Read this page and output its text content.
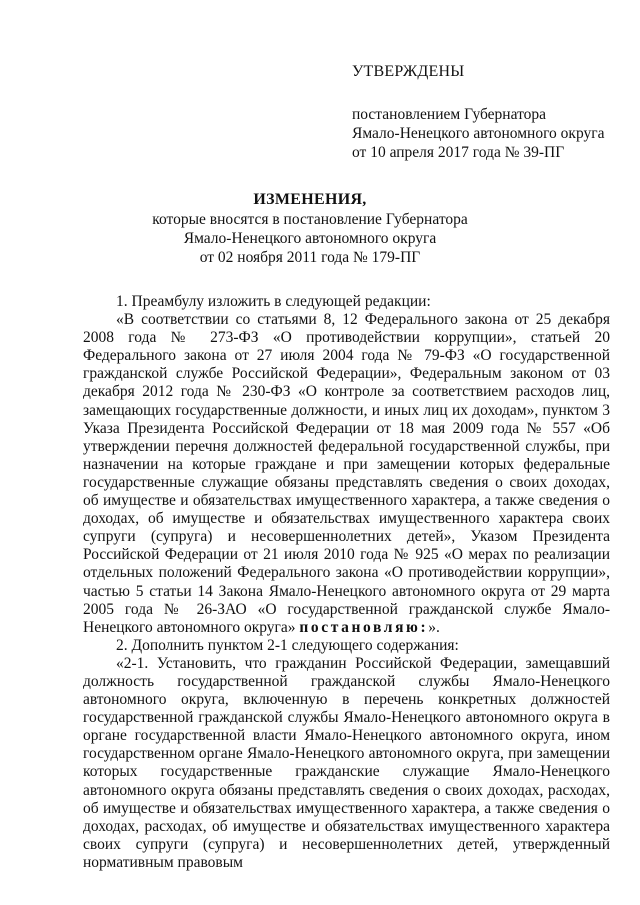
УТВЕРЖДЕНЫ
постановлением Губернатора
Ямало-Ненецкого автономного округа
от 10 апреля 2017 года № 39-ПГ
ИЗМЕНЕНИЯ,
которые вносятся в постановление Губернатора
Ямало-Ненецкого автономного округа
от 02 ноября 2011 года № 179-ПГ

1. Преамбулу изложить в следующей редакции:

«В соответствии со статьями 8, 12 Федерального закона от 25 декабря 2008 года № 273-ФЗ «О противодействии коррупции», статьей 20 Федерального закона от 27 июля 2004 года № 79-ФЗ «О государственной гражданской службе Российской Федерации», Федеральным законом от 03 декабря 2012 года № 230-ФЗ «О контроле за соответствием расходов лиц, замещающих государственные должности, и иных лиц их доходам», пунктом 3 Указа Президента Российской Федерации от 18 мая 2009 года № 557 «Об утверждении перечня должностей федеральной государственной службы, при назначении на которые граждане и при замещении которых федеральные государственные служащие обязаны представлять сведения о своих доходах, об имуществе и обязательствах имущественного характера, а также сведения о доходах, об имуществе и обязательствах имущественного характера своих супруги (супруга) и несовершеннолетних детей», Указом Президента Российской Федерации от 21 июля 2010 года № 925 «О мерах по реализации отдельных положений Федерального закона «О противодействии коррупции», частью 5 статьи 14 Закона Ямало-Ненецкого автономного округа от 29 марта 2005 года № 26-ЗАО «О государственной гражданской службе Ямало-Ненецкого автономного округа» постановляю:».

2. Дополнить пунктом 2-1 следующего содержания:

«2-1. Установить, что гражданин Российской Федерации, замещавший должность государственной гражданской службы Ямало-Ненецкого автономного округа, включенную в перечень конкретных должностей государственной гражданской службы Ямало-Ненецкого автономного округа в органе государственной власти Ямало-Ненецкого автономного округа, ином государственном органе Ямало-Ненецкого автономного округа, при замещении которых государственные гражданские служащие Ямало-Ненецкого автономного округа обязаны представлять сведения о своих доходах, расходах, об имуществе и обязательствах имущественного характера, а также сведения о доходах, расходах, об имуществе и обязательствах имущественного характера своих супруги (супруга) и несовершеннолетних детей, утвержденный нормативным правовым
